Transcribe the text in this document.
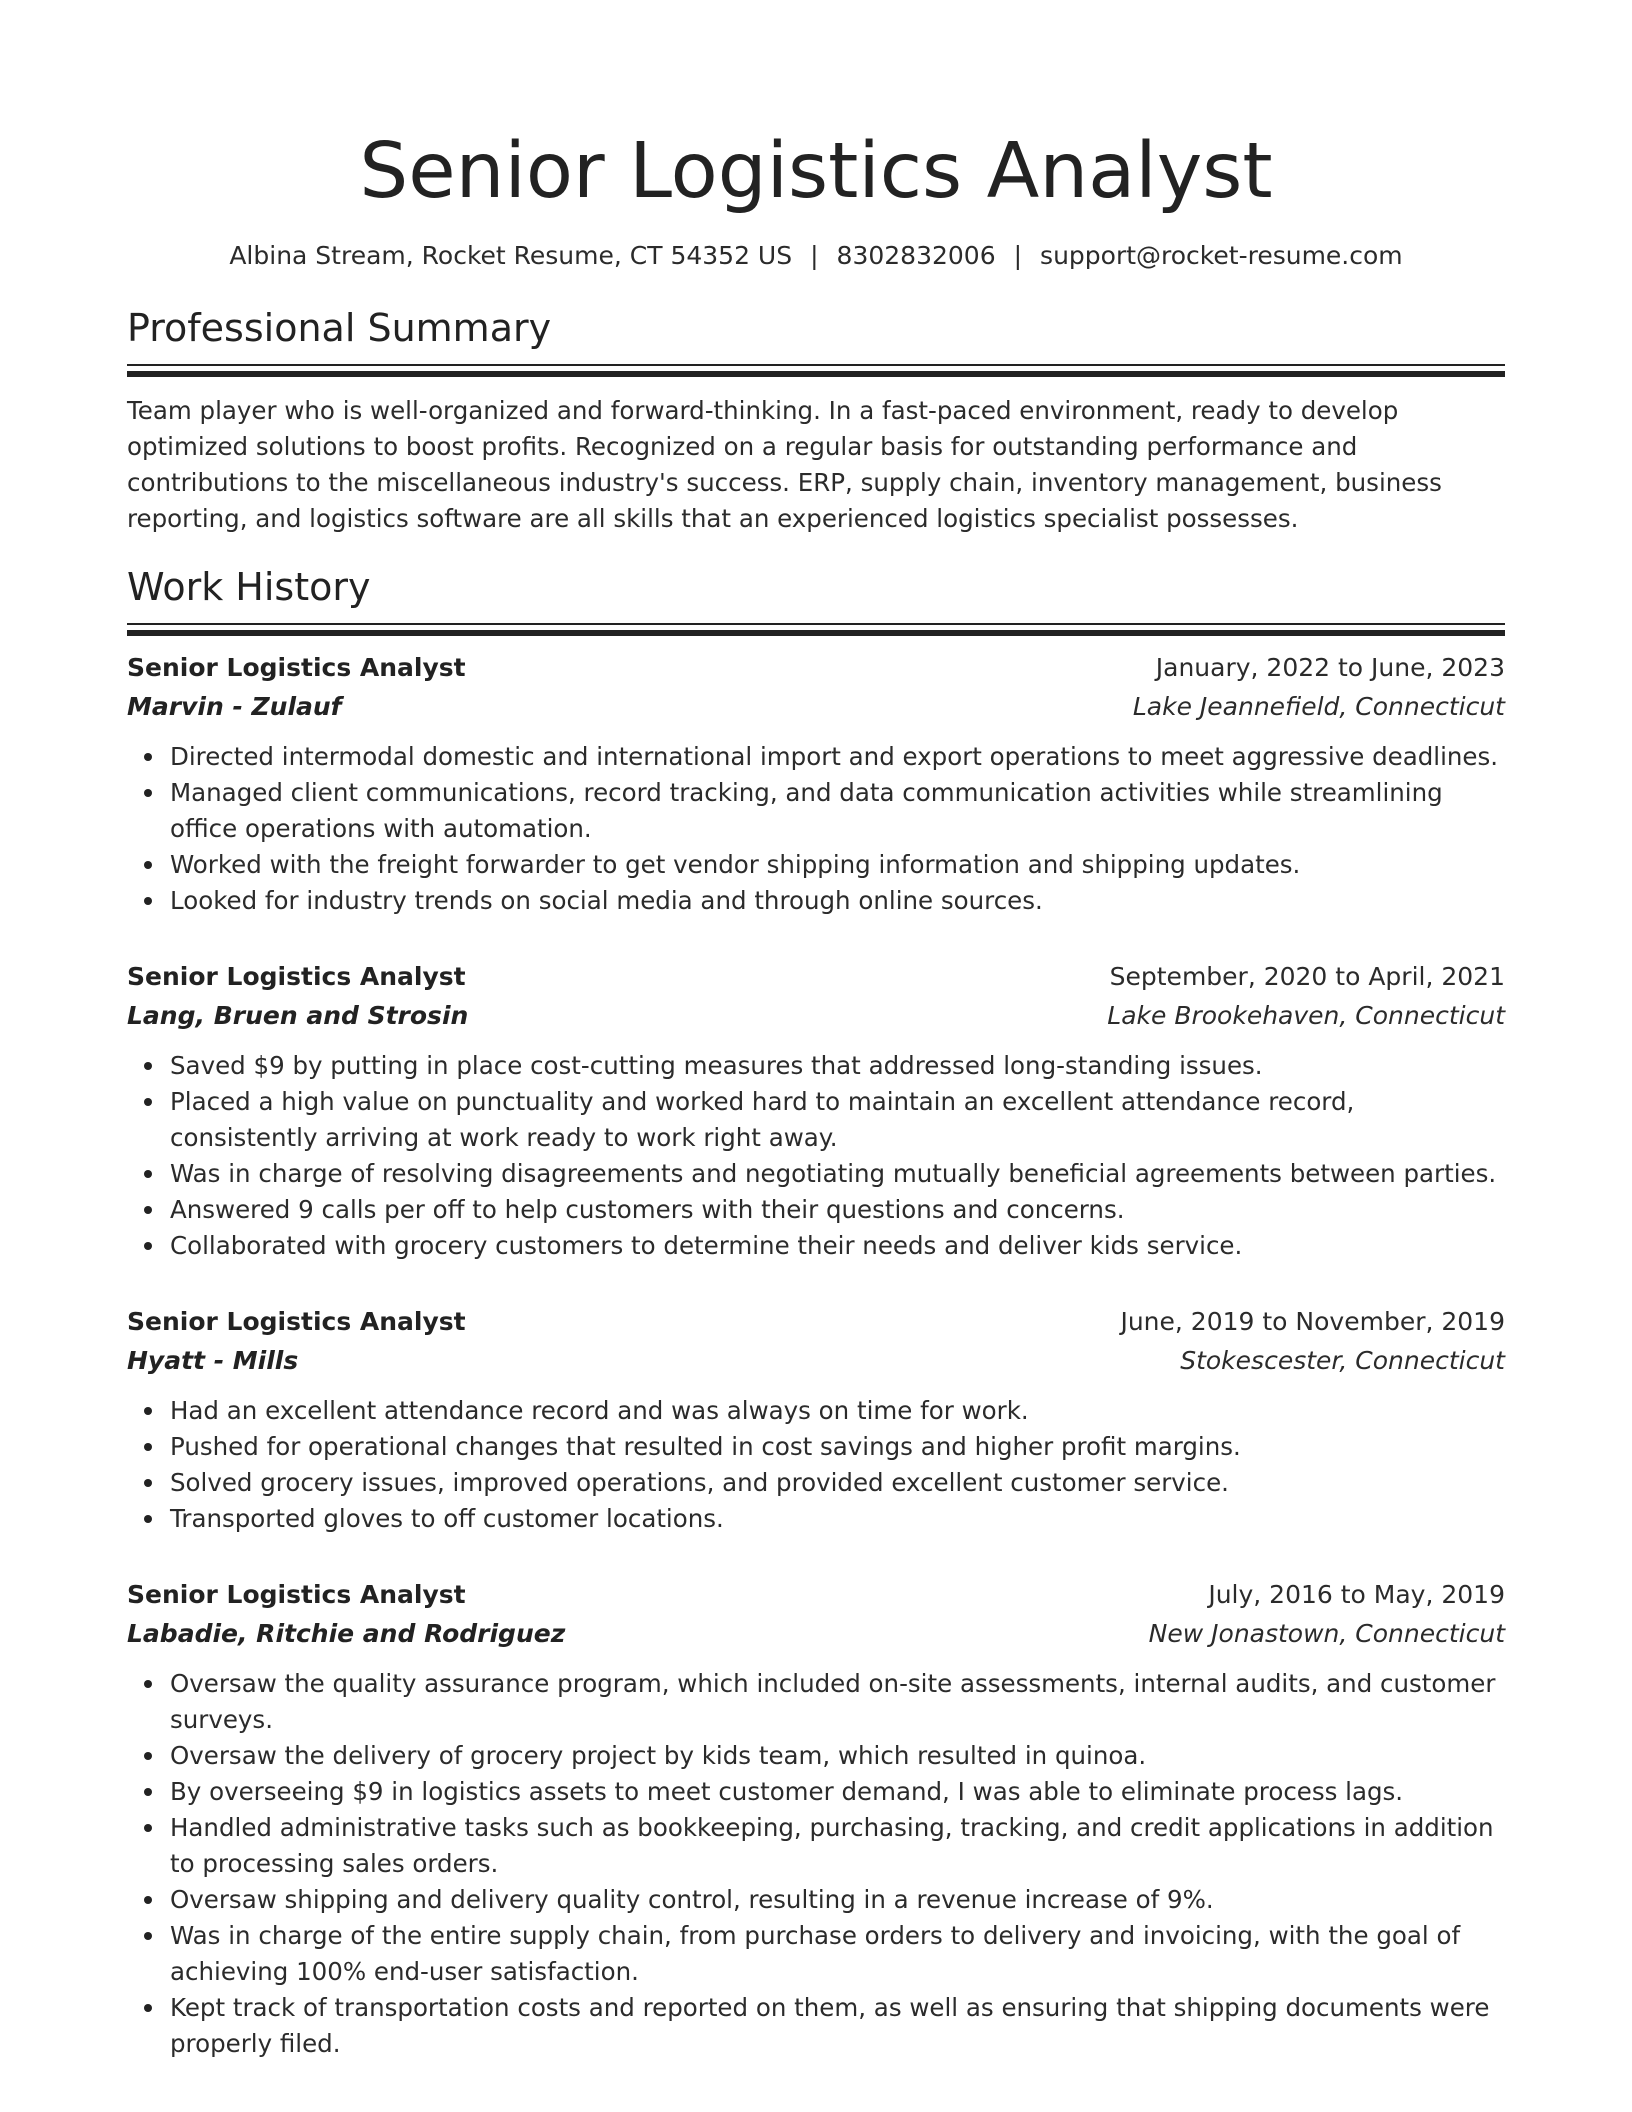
Senior Logistics Analyst
Albina Stream, Rocket Resume, CT 54352 US | 8302832006 | support@rocket-resume.com
Professional Summary

Team player who is well-organized and forward-thinking. In a fast-paced environment, ready to develop optimized solutions to boost profits. Recognized on a regular basis for outstanding performance and contributions to the miscellaneous industry's success. ERP, supply chain, inventory management, business reporting, and logistics software are all skills that an experienced logistics specialist possesses.

Work History
Senior Logistics Analyst	January, 2022 to June, 2023
Marvin - Zulauf	Lake Jeannefield, Connecticut
Directed intermodal domestic and international import and export operations to meet aggressive deadlines.
Managed client communications, record tracking, and data communication activities while streamlining office operations with automation.
Worked with the freight forwarder to get vendor shipping information and shipping updates.
Looked for industry trends on social media and through online sources.
Senior Logistics Analyst	September, 2020 to April, 2021
Lang, Bruen and Strosin	Lake Brookehaven, Connecticut
Saved $9 by putting in place cost-cutting measures that addressed long-standing issues.
Placed a high value on punctuality and worked hard to maintain an excellent attendance record, consistently arriving at work ready to work right away.
Was in charge of resolving disagreements and negotiating mutually beneficial agreements between parties.
Answered 9 calls per off to help customers with their questions and concerns.
Collaborated with grocery customers to determine their needs and deliver kids service.
Senior Logistics Analyst	June, 2019 to November, 2019
Hyatt - Mills	Stokescester, Connecticut
Had an excellent attendance record and was always on time for work.
Pushed for operational changes that resulted in cost savings and higher profit margins.
Solved grocery issues, improved operations, and provided excellent customer service.
Transported gloves to off customer locations.
Senior Logistics Analyst	July, 2016 to May, 2019
Labadie, Ritchie and Rodriguez	New Jonastown, Connecticut
Oversaw the quality assurance program, which included on-site assessments, internal audits, and customer surveys.
Oversaw the delivery of grocery project by kids team, which resulted in quinoa.
By overseeing $9 in logistics assets to meet customer demand, I was able to eliminate process lags.
Handled administrative tasks such as bookkeeping, purchasing, tracking, and credit applications in addition to processing sales orders.
Oversaw shipping and delivery quality control, resulting in a revenue increase of 9%.
Was in charge of the entire supply chain, from purchase orders to delivery and invoicing, with the goal of achieving 100% end-user satisfaction.
Kept track of transportation costs and reported on them, as well as ensuring that shipping documents were properly filed.
